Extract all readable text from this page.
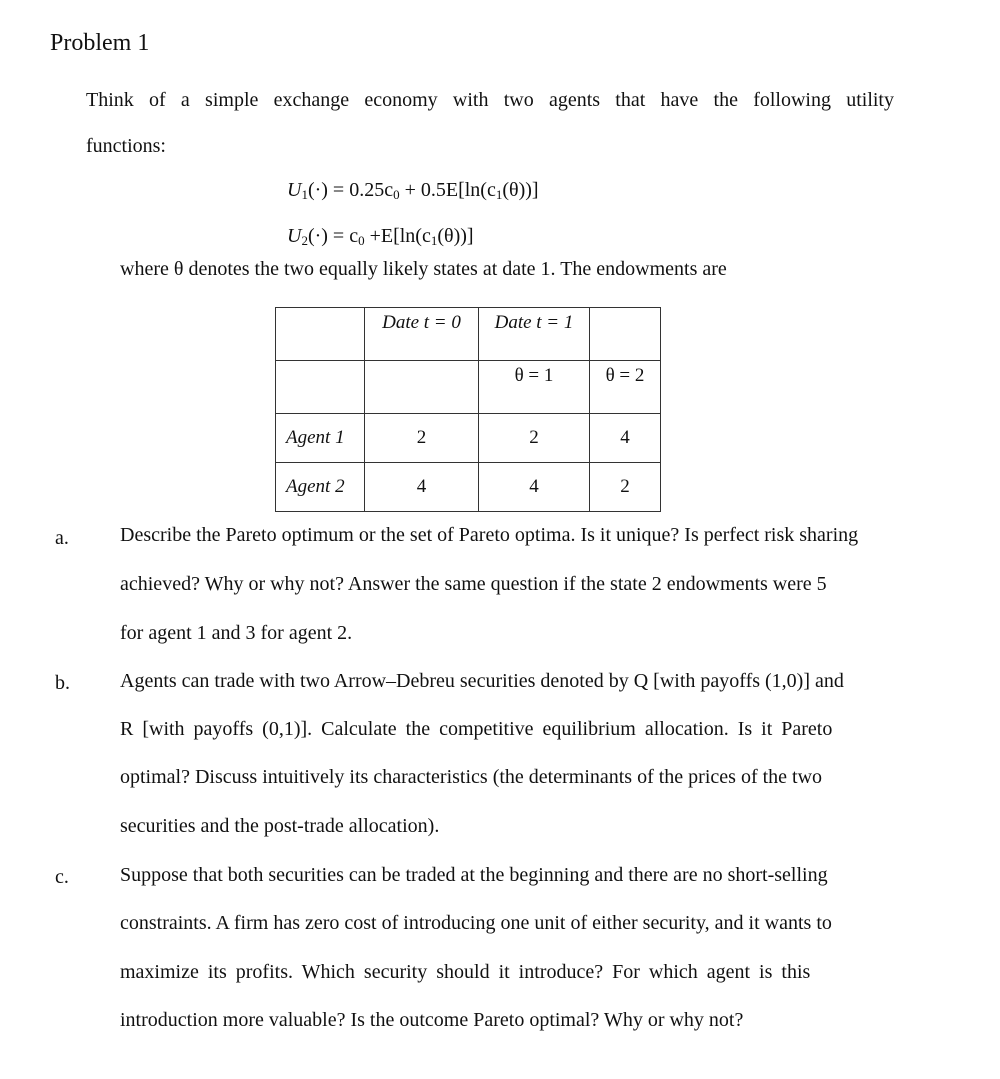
Problem 1
Think of a simple exchange economy with two agents that have the following utility
functions:
$U_1(\cdot) = 0.25c_0 + 0.5E[\ln(c_1(\theta))]$
$U_2(\cdot) = c_0 +E[\ln(c_1(\theta))]$
where θ denotes the two equally likely states at date 1. The endowments are
	Date t = 0	Date t = 1	
		θ = 1	θ = 2
Agent 1	2	2	4
Agent 2	4	4	2
a.	Describe the Pareto optimum or the set of Pareto optima. Is it unique? Is perfect risk sharing
achieved? Why or why not? Answer the same question if the state 2 endowments were 5
for agent 1 and 3 for agent 2.
b.	Agents can trade with two Arrow–Debreu securities denoted by Q [with payoffs (1,0)] and
R [with payoffs (0,1)]. Calculate the competitive equilibrium allocation. Is it Pareto
optimal? Discuss intuitively its characteristics (the determinants of the prices of the two
securities and the post-trade allocation).
c.	Suppose that both securities can be traded at the beginning and there are no short-selling
constraints. A firm has zero cost of introducing one unit of either security, and it wants to
maximize its profits. Which security should it introduce? For which agent is this
introduction more valuable? Is the outcome Pareto optimal? Why or why not?
